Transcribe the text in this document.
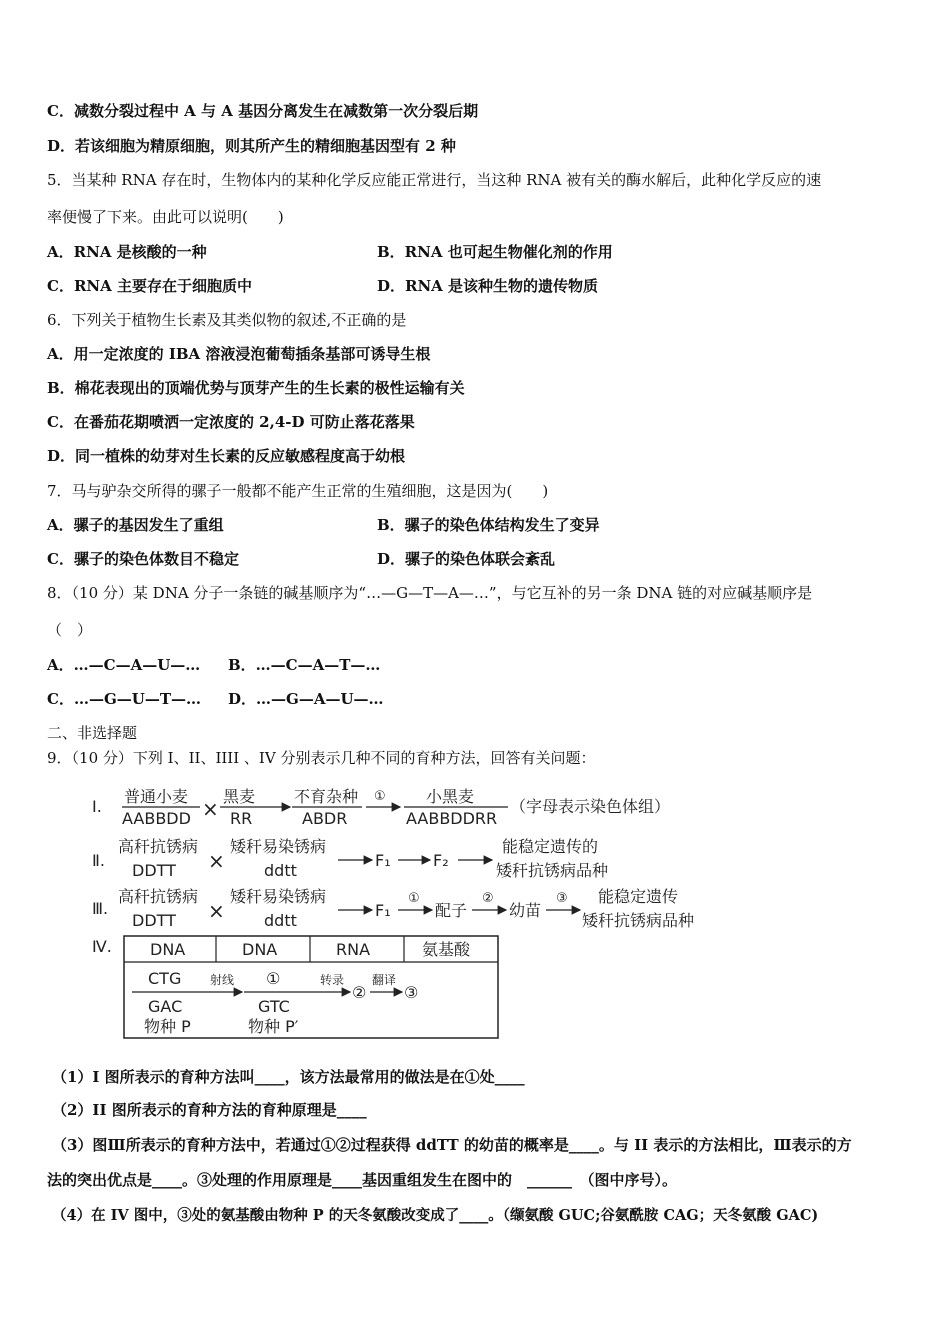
C．减数分裂过程中 A 与 A 基因分离发生在减数第一次分裂后期
D．若该细胞为精原细胞，则其所产生的精细胞基因型有 2 种
5．当某种 RNA 存在时，生物体内的某种化学反应能正常进行，当这种 RNA 被有关的酶水解后，此种化学反应的速
率便慢了下来。由此可以说明(　　)
A．RNA 是核酸的一种	B．RNA 也可起生物催化剂的作用
C．RNA 主要存在于细胞质中	D．RNA 是该种生物的遗传物质
6．下列关于植物生长素及其类似物的叙述,不正确的是
A．用一定浓度的 IBA 溶液浸泡葡萄插条基部可诱导生根
B．棉花表现出的顶端优势与顶芽产生的生长素的极性运输有关
C．在番茄花期喷洒一定浓度的 2,4-D 可防止落花落果
D．同一植株的幼芽对生长素的反应敏感程度高于幼根
7．马与驴杂交所得的骡子一般都不能产生正常的生殖细胞，这是因为(　　)
A．骡子的基因发生了重组	B．骡子的染色体结构发生了变异
C．骡子的染色体数目不稳定	D．骡子的染色体联会紊乱
8．（10 分）某 DNA 分子一条链的碱基顺序为“…—G—T—A—…”，与它互补的另一条 DNA 链的对应碱基顺序是
（　）
A．…—C—A—U—… B．…—C—A—T—…
C．…—G—U—T—… D．…—G—A—U—…
二、非选择题
9．（10 分）下列 I、II、IIII 、IV 分别表示几种不同的育种方法，回答有关问题：
Ⅰ.
普通小麦
AABBDD ×
黑麦
RR
不育杂种
ABDR
①	小黑麦
AABBDDRR
（字母表示染色体组）
Ⅱ.
高秆抗锈病
DDTT ×
矮秆易染锈病
ddtt
F₁	F₂
能稳定遗传的
矮秆抗锈病品种
Ⅲ.
高秆抗锈病
DDTT ×
矮秆易染锈病
ddtt
F₁
①
配子
②
幼苗
③ 能稳定遗传
矮秆抗锈病品种
Ⅳ. DNA	DNA	RNA	氨基酸
CTG
GAC
物种 P
射线 ①
GTC
物种 P′
转录
②
翻译
③
（1）I 图所表示的育种方法叫____，该方法最常用的做法是在①处____
（2）II 图所表示的育种方法的育种原理是____
（3）图Ⅲ所表示的育种方法中，若通过①②过程获得 ddTT 的幼苗的概率是____。与 II 表示的方法相比，Ⅲ表示的方
法的突出优点是____。③处理的作用原理是____基因重组发生在图中的　______　（图中序号）。
（4）在 IV 图中，③处的氨基酸由物种 P 的天冬氨酸改变成了____。（缬氨酸 GUC;谷氨酰胺 CAG；天冬氨酸 GAC)
